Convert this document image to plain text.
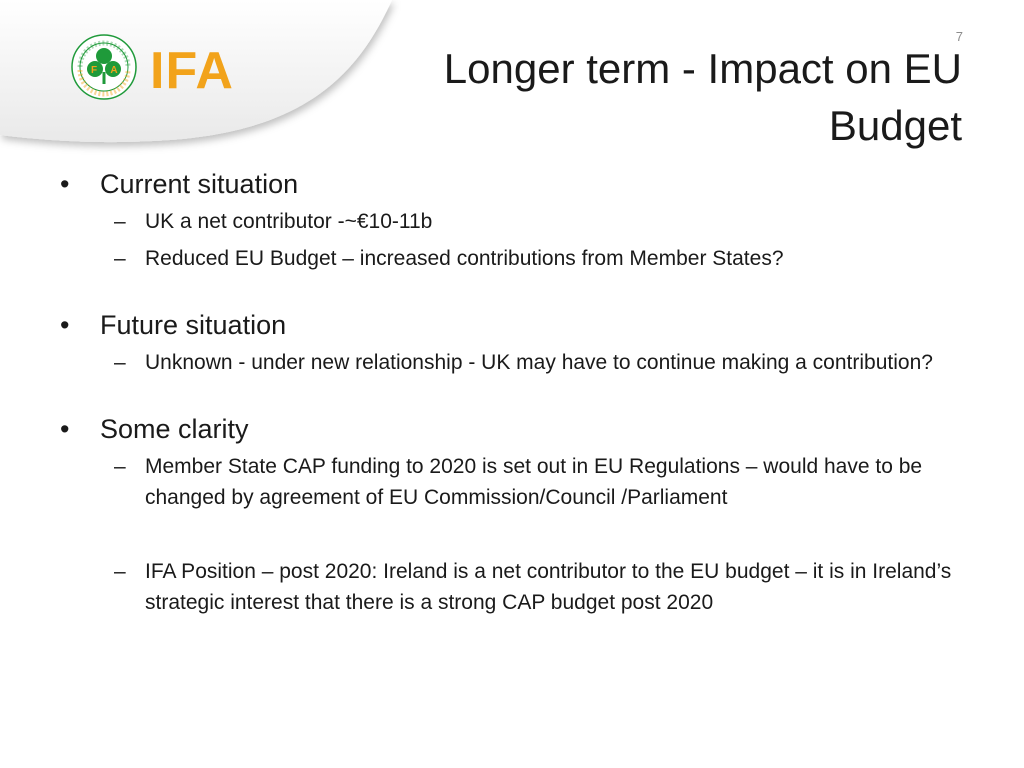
F A IFA
7
Longer term - Impact on EU
Budget
• Current situation
– UK a net contributor -~€10-11b
– Reduced EU Budget – increased contributions from Member States?
• Future situation
– Unknown - under new relationship - UK may have to continue making a contribution?
• Some clarity
– Member State CAP funding to 2020 is set out in EU Regulations – would have to be changed by agreement of EU Commission/Council /Parliament
– IFA Position – post 2020: Ireland is a net contributor to the EU budget – it is in Ireland’s strategic interest that there is a strong CAP budget post 2020
